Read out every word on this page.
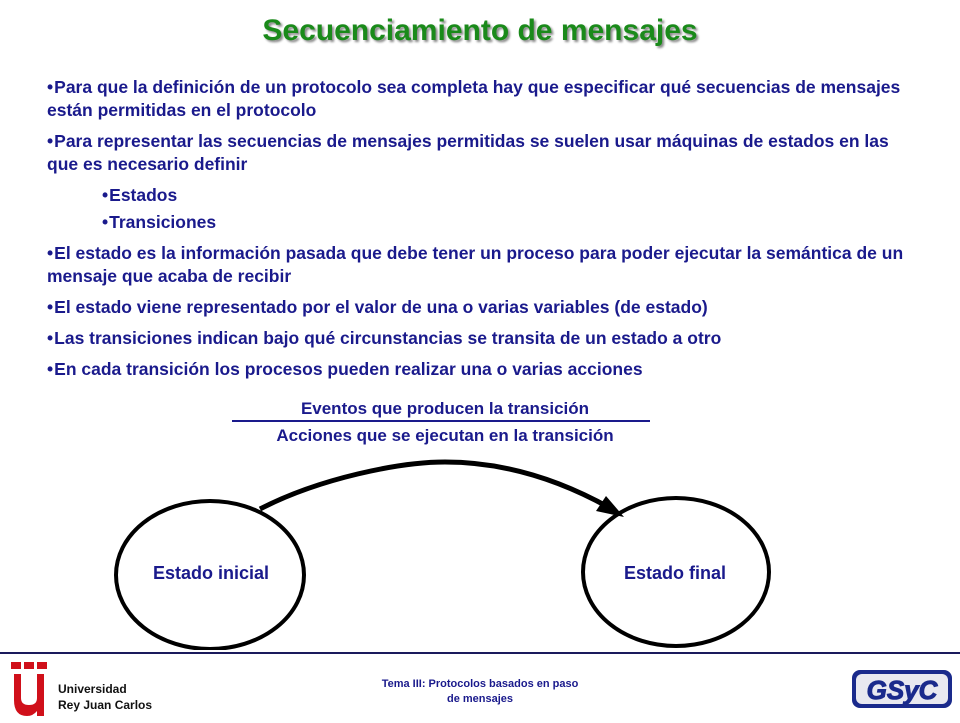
Secuenciamiento de mensajes
•Para que la definición de un protocolo sea completa hay que especificar qué secuencias de mensajes están permitidas en el protocolo
•Para representar las secuencias de mensajes permitidas se suelen usar máquinas de estados en las que es necesario definir
•Estados
•Transiciones
•El estado es la información pasada que debe tener un proceso para poder ejecutar la semántica de un mensaje que acaba de recibir
•El estado viene representado por el valor de una o varias variables (de estado)
•Las transiciones indican bajo qué circunstancias se transita de un estado a otro
•En cada transición los procesos pueden realizar una o varias acciones
Eventos que producen la transición
Acciones que se ejecutan en la transición
Estado inicial	Estado final
Universidad
Rey Juan Carlos
Tema III: Protocolos basados en paso
de mensajes	GSyC
